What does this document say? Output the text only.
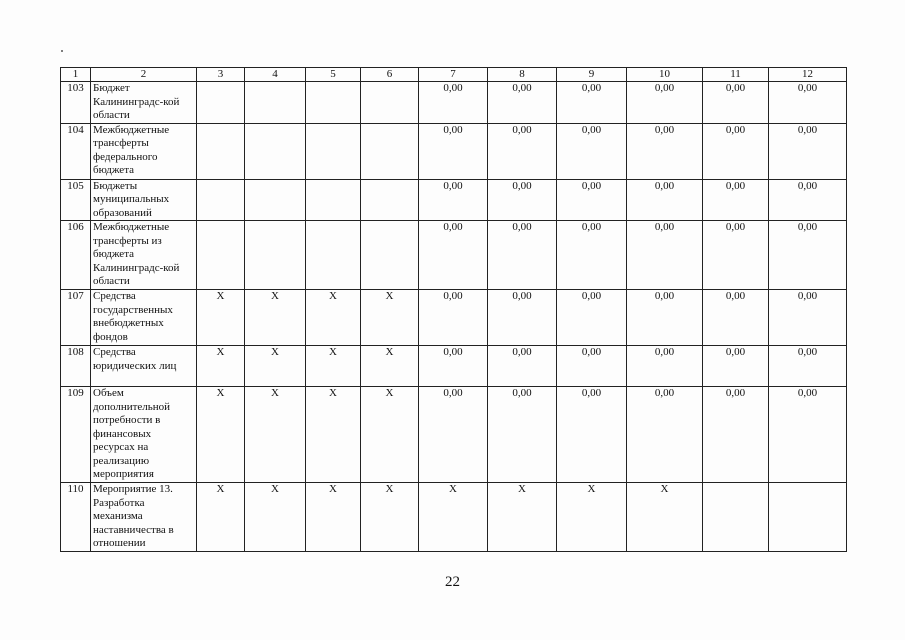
1	2	3	4	5	6	7	8	9	10	11	12
103	Бюджет Калининградс-кой области					0,00	0,00	0,00	0,00	0,00	0,00
104	Межбюджетные трансферты федерального бюджета					0,00	0,00	0,00	0,00	0,00	0,00
105	Бюджеты муниципальных образований					0,00	0,00	0,00	0,00	0,00	0,00
106	Межбюджетные трансферты из бюджета Калининградс-кой области					0,00	0,00	0,00	0,00	0,00	0,00
107	Средства государственных внебюджетных фондов	Х	Х	Х	Х	0,00	0,00	0,00	0,00	0,00	0,00
108	Средства юридических лиц	Х	Х	Х	Х	0,00	0,00	0,00	0,00	0,00	0,00
109	Объем дополнительной потребности в финансовых ресурсах на реализацию мероприятия	Х	Х	Х	Х	0,00	0,00	0,00	0,00	0,00	0,00
110	Мероприятие 13. Разработка механизма наставничества в отношении	Х	Х	Х	Х	Х	Х	Х	Х		
22
